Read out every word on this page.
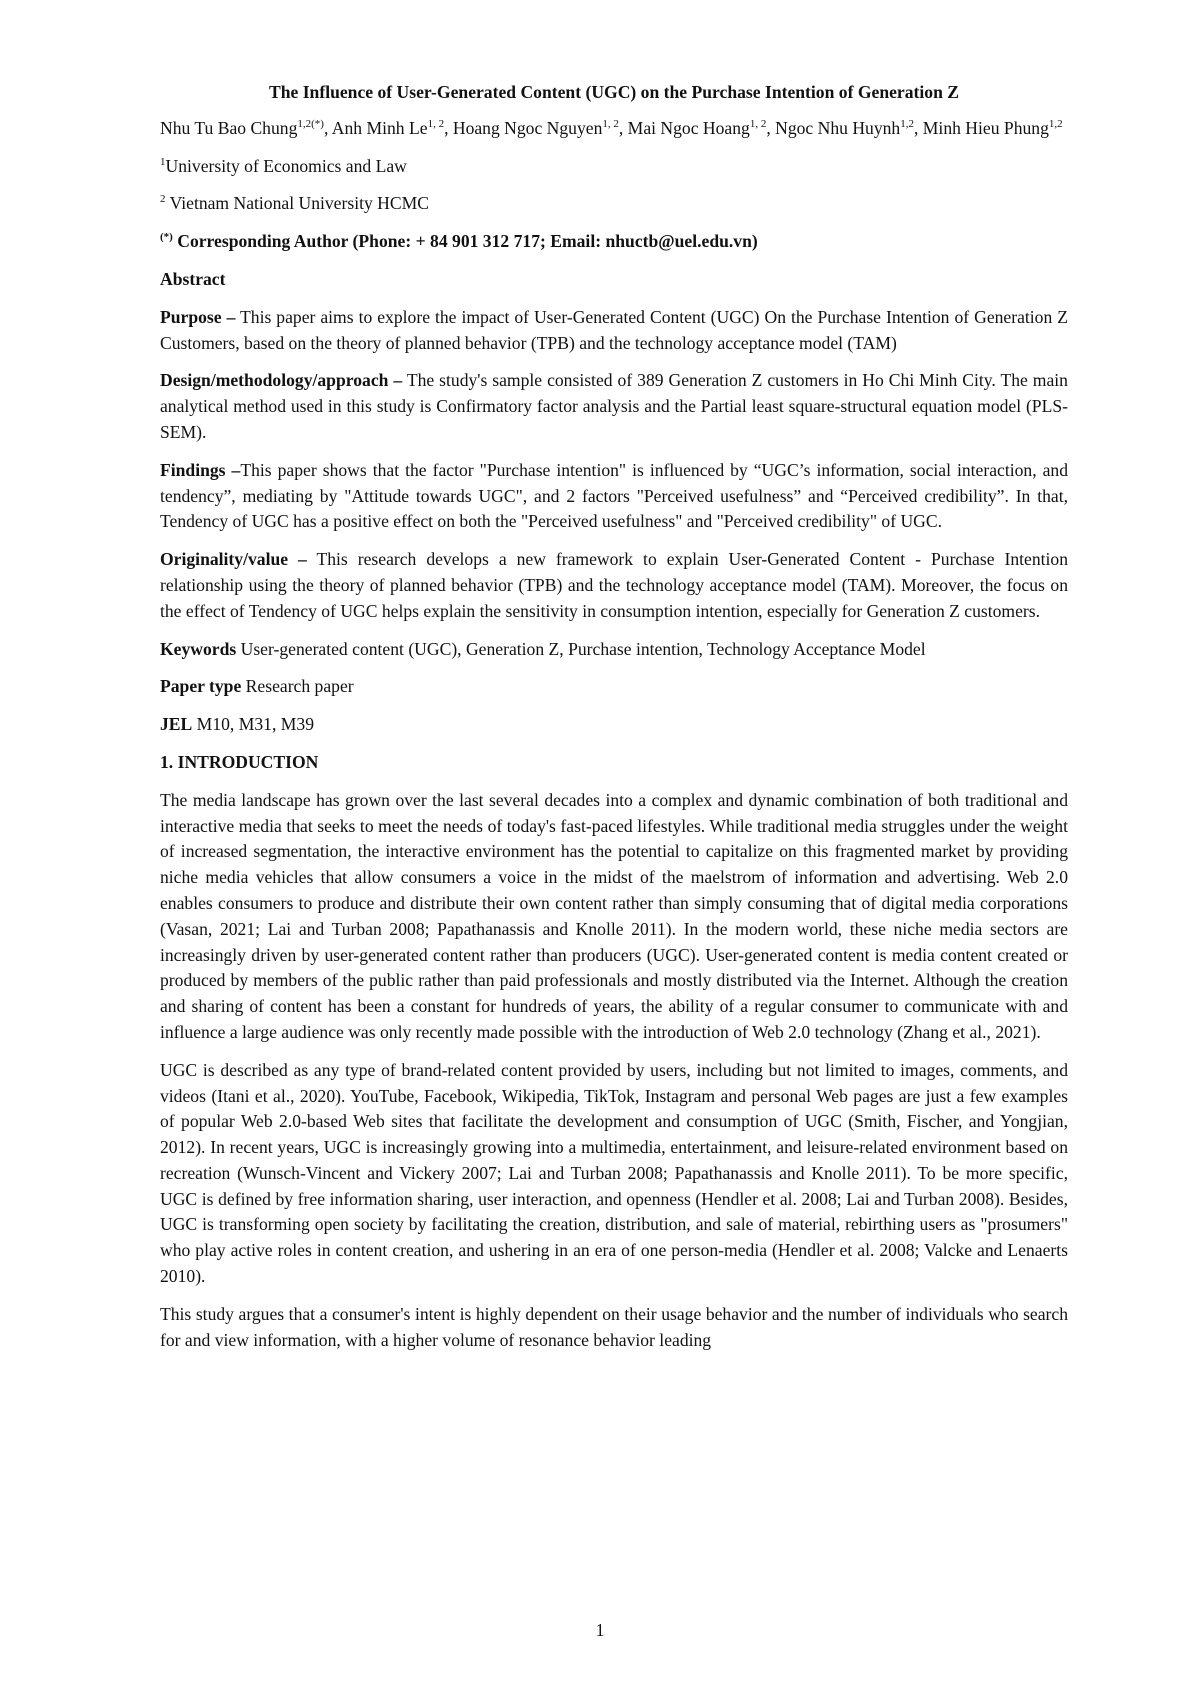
The Influence of User-Generated Content (UGC) on the Purchase Intention of Generation Z

Nhu Tu Bao Chung$^{1,2(*)}$, Anh Minh Le$^{1, 2}$, Hoang Ngoc Nguyen$^{1, 2}$, Mai Ngoc Hoang$^{1, 2}$, Ngoc Nhu Huynh$^{1,2}$, Minh Hieu Phung$^{1,2}$

$^1$University of Economics and Law

$^2$ Vietnam National University HCMC

(*) Corresponding Author (Phone: + 84 901 312 717; Email: nhuctb@uel.edu.vn)

Abstract

Purpose – This paper aims to explore the impact of User-Generated Content (UGC) On the Purchase Intention of Generation Z Customers, based on the theory of planned behavior (TPB) and the technology acceptance model (TAM)

Design/methodology/approach – The study's sample consisted of 389 Generation Z customers in Ho Chi Minh City. The main analytical method used in this study is Confirmatory factor analysis and the Partial least square-structural equation model (PLS-SEM).

Findings –This paper shows that the factor "Purchase intention" is influenced by “UGC’s information, social interaction, and tendency”, mediating by "Attitude towards UGC", and 2 factors "Perceived usefulness” and “Perceived credibility”. In that, Tendency of UGC has a positive effect on both the "Perceived usefulness" and "Perceived credibility" of UGC.

Originality/value – This research develops a new framework to explain User-Generated Content - Purchase Intention relationship using the theory of planned behavior (TPB) and the technology acceptance model (TAM). Moreover, the focus on the effect of Tendency of UGC helps explain the sensitivity in consumption intention, especially for Generation Z customers.

Keywords User-generated content (UGC), Generation Z, Purchase intention, Technology Acceptance Model

Paper type Research paper

JEL M10, M31, M39

1. INTRODUCTION

The media landscape has grown over the last several decades into a complex and dynamic combination of both traditional and interactive media that seeks to meet the needs of today's fast-paced lifestyles. While traditional media struggles under the weight of increased segmentation, the interactive environment has the potential to capitalize on this fragmented market by providing niche media vehicles that allow consumers a voice in the midst of the maelstrom of information and advertising. Web 2.0 enables consumers to produce and distribute their own content rather than simply consuming that of digital media corporations (Vasan, 2021; Lai and Turban 2008; Papathanassis and Knolle 2011). In the modern world, these niche media sectors are increasingly driven by user-generated content rather than producers (UGC). User-generated content is media content created or produced by members of the public rather than paid professionals and mostly distributed via the Internet. Although the creation and sharing of content has been a constant for hundreds of years, the ability of a regular consumer to communicate with and influence a large audience was only recently made possible with the introduction of Web 2.0 technology (Zhang et al., 2021).

UGC is described as any type of brand-related content provided by users, including but not limited to images, comments, and videos (Itani et al., 2020). YouTube, Facebook, Wikipedia, TikTok, Instagram and personal Web pages are just a few examples of popular Web 2.0-based Web sites that facilitate the development and consumption of UGC (Smith, Fischer, and Yongjian, 2012). In recent years, UGC is increasingly growing into a multimedia, entertainment, and leisure-related environment based on recreation (Wunsch-Vincent and Vickery 2007; Lai and Turban 2008; Papathanassis and Knolle 2011). To be more specific, UGC is defined by free information sharing, user interaction, and openness (Hendler et al. 2008; Lai and Turban 2008). Besides, UGC is transforming open society by facilitating the creation, distribution, and sale of material, rebirthing users as "prosumers" who play active roles in content creation, and ushering in an era of one person-media (Hendler et al. 2008; Valcke and Lenaerts 2010).

This study argues that a consumer's intent is highly dependent on their usage behavior and the number of individuals who search for and view information, with a higher volume of resonance behavior leading

1
